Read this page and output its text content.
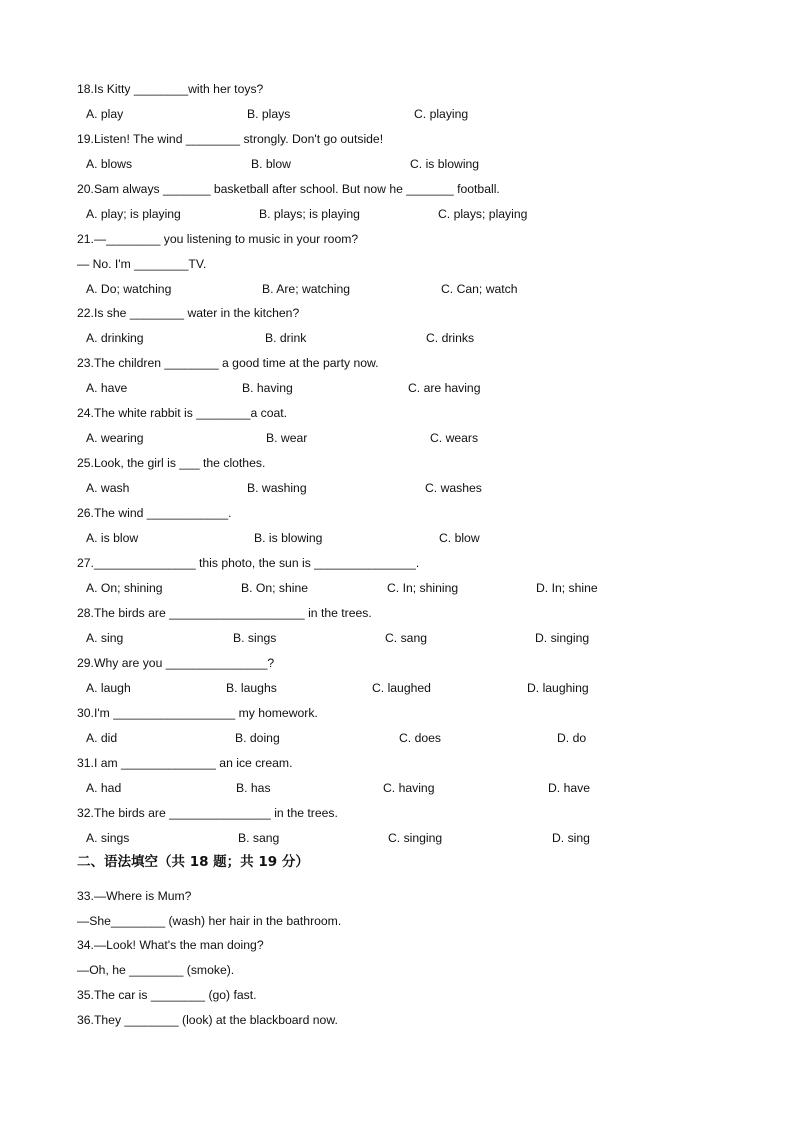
18.Is Kitty ________with her toys?
A. play	B. plays	C. playing
19.Listen! The wind ________ strongly. Don't go outside!
A. blows	B. blow	C. is blowing
20.Sam always _______ basketball after school. But now he _______ football.
A. play; is playing	B. plays; is playing	C. plays; playing
21.—________ you listening to music in your room?
— No. I'm ________TV.
A. Do; watching	B. Are; watching	C. Can; watch
22.Is she ________ water in the kitchen?
A. drinking	B. drink	C. drinks
23.The children ________ a good time at the party now.
A. have	B. having	C. are having
24.The white rabbit is ________a coat.
A. wearing	B. wear	C. wears
25.Look, the girl is ___ the clothes.
A. wash	B. washing	C. washes
26.The wind ____________.
A. is blow	B. is blowing	C. blow
27._______________ this photo, the sun is _______________.
A. On; shining	B. On; shine	C. In; shining	D. In; shine
28.The birds are ____________________ in the trees.
A. sing	B. sings	C. sang	D. singing
29.Why are you _______________?
A. laugh	B. laughs	C. laughed	D. laughing
30.I'm __________________ my homework.
A. did	B. doing	C. does	D. do
31.I am ______________ an ice cream.
A. had	B. has	C. having	D. have
32.The birds are _______________ in the trees.
A. sings	B. sang	C. singing	D. sing
二、语法填空（共 18 题；共 19 分）
33.—Where is Mum?
—She________ (wash) her hair in the bathroom.
34.—Look! What's the man doing?
—Oh, he ________ (smoke).
35.The car is ________ (go) fast.
36.They ________ (look) at the blackboard now.
